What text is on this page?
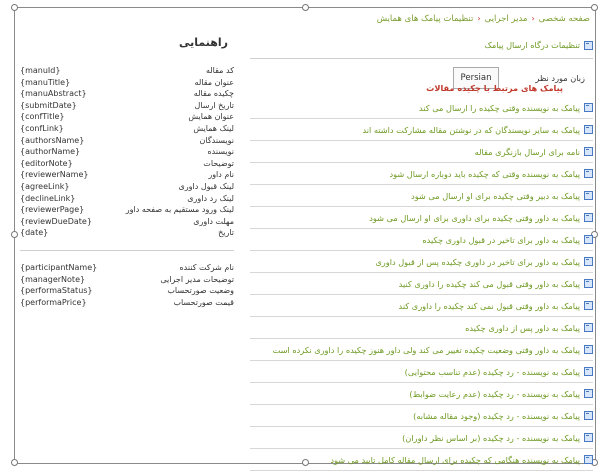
صفحه شخصی‹مدیر اجرایی‹تنظیمات پیامک های همایش
تنظیمات درگاه ارسال پیامک
زبان مورد نظر
Persian
پیامک های مرتبط با چکیده مقالات
پیامک به نویسنده وقتی چکیده را ارسال می کند
پیامک به سایر نویسندگان که در نوشتن مقاله مشارکت داشته اند
نامه برای ارسال بازنگری مقاله
پیامک به نویسنده وقتی که چکیده باید دوباره ارسال شود
پیامک به دبیر وقتی چکیده برای او ارسال می شود
پیامک به داور وقتی چکیده برای داوری برای او ارسال می شود
پیامک به داور برای تاخیر در قبول داوری چکیده
پیامک به داور برای تاخیر در داوری چکیده پس از قبول داوری
پیامک به داور وقتی قبول می کند چکیده را داوری کنید
پیامک به داور وقتی قبول نمی کند چکیده را داوری کند
پیامک به داور پس از داوری چکیده
پیامک به داور وقتی وضعیت چکیده تغییر می کند ولی داور هنوز چکیده را داوری نکرده است
پیامک به نویسنده - رد چکیده (عدم تناسب محتوایی)
پیامک به نویسنده - رد چکیده (عدم رعایت ضوابط)
پیامک به نویسنده - رد چکیده (وجود مقاله مشابه)
پیامک به نویسنده - رد چکیده (بر اساس نظر داوران)
پیامک به نویسنده هنگامی که چکیده برای ارسال مقاله کامل تایید می شود
راهنمایی
{manuId}	کد مقاله
{manuTitle}	عنوان مقاله
{manuAbstract}	چکیده مقاله
{submitDate}	تاریخ ارسال
{confTitle}	عنوان همایش
{confLink}	لینک همایش
{authorsName}	نویسندگان
{authorName}	نویسنده
{editorNote}	توضیحات
{reviewerName}	نام داور
{agreeLink}	لینک قبول داوری
{declineLink}	لینک رد داوری
{reviewerPage}	لینک ورود مستقیم به صفحه داور
{reviewDueDate}	مهلت داوری
{date}	تاریخ
{participantName}	نام شرکت کننده
{managerNote}	توضیحات مدیر اجرایی
{performaStatus}	وضعیت صورتحساب
{performaPrice}	قیمت صورتحساب
